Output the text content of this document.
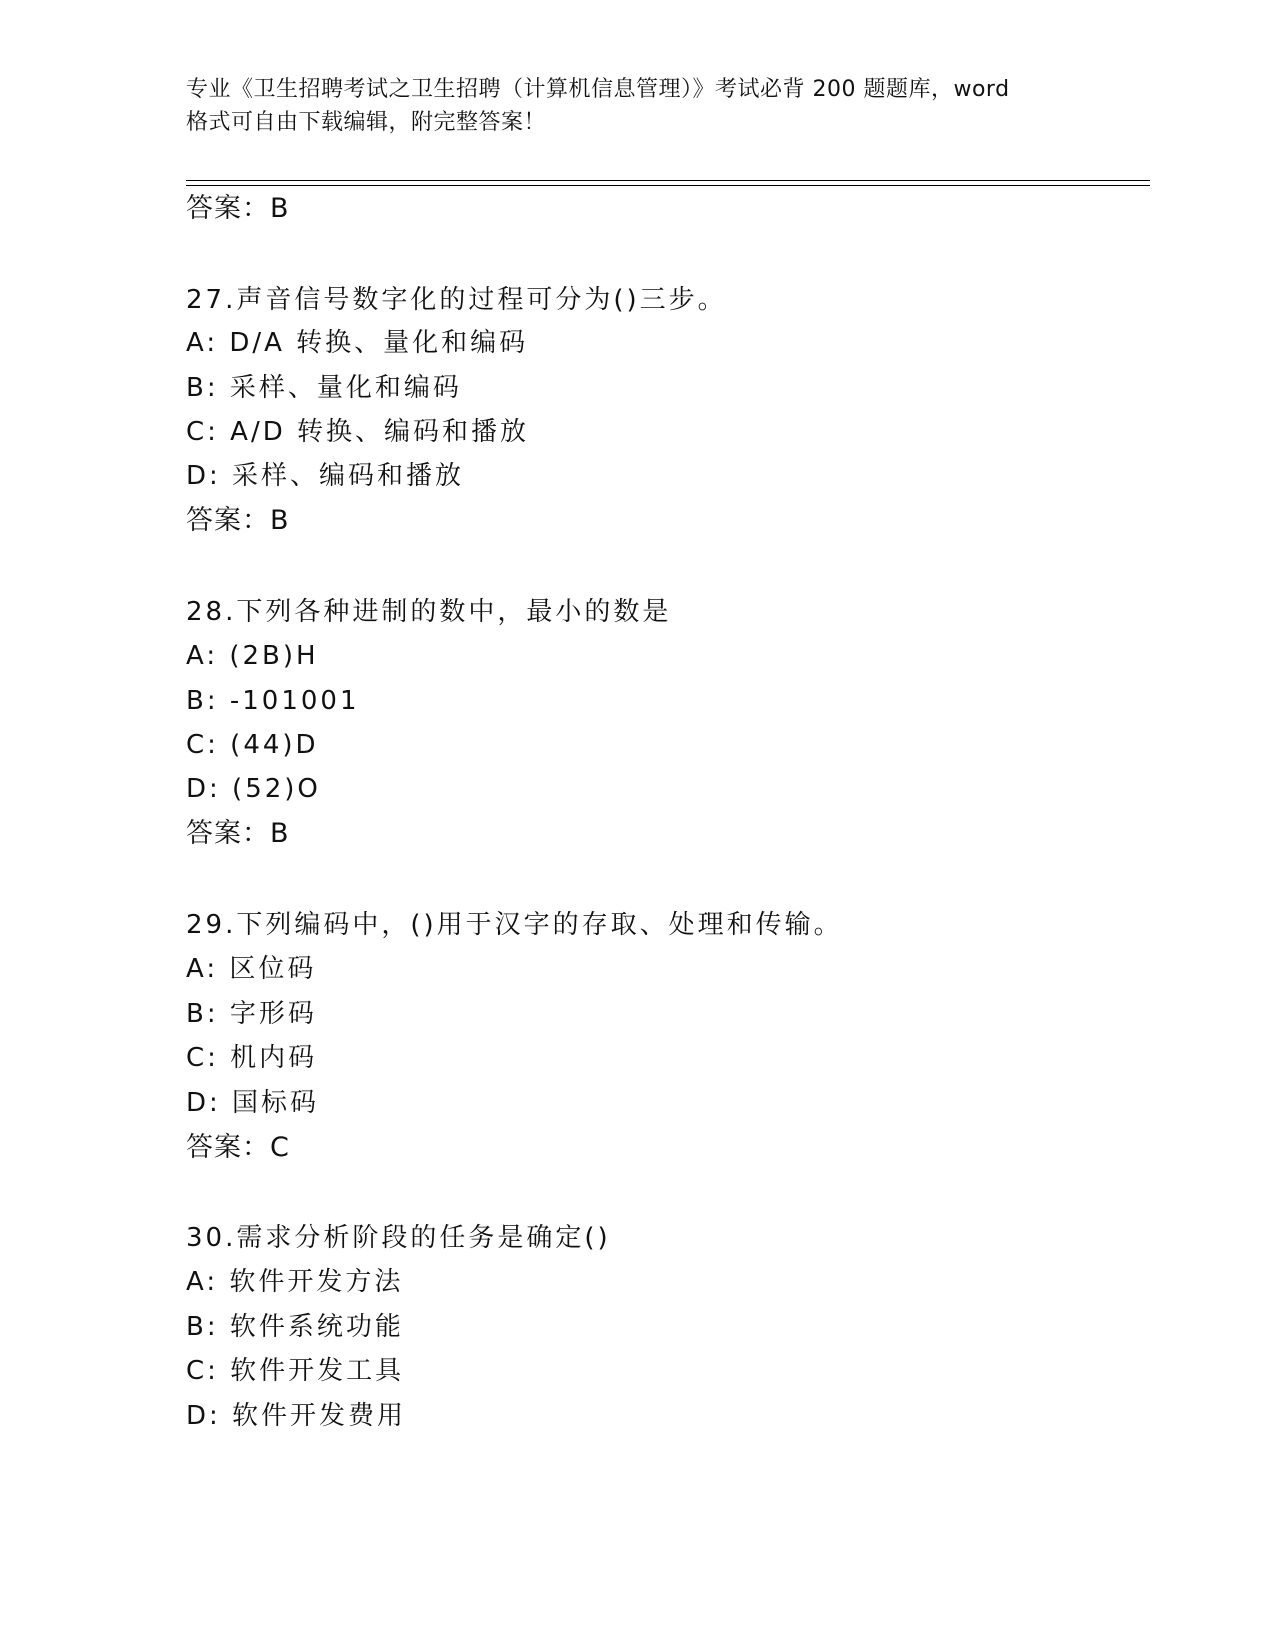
专业《卫生招聘考试之卫生招聘（计算机信息管理）》考试必背 200 题题库，word
格式可自由下载编辑，附完整答案！
答案：B
27.声音信号数字化的过程可分为()三步。
A: D/A 转换、量化和编码
B: 采样、量化和编码
C: A/D 转换、编码和播放
D: 采样、编码和播放
答案：B
28.下列各种进制的数中，最小的数是
A: (2B)H
B: -101001
C: (44)D
D: (52)O
答案：B
29.下列编码中，()用于汉字的存取、处理和传输。
A: 区位码
B: 字形码
C: 机内码
D: 国标码
答案：C
30.需求分析阶段的任务是确定()
A: 软件开发方法
B: 软件系统功能
C: 软件开发工具
D: 软件开发费用
